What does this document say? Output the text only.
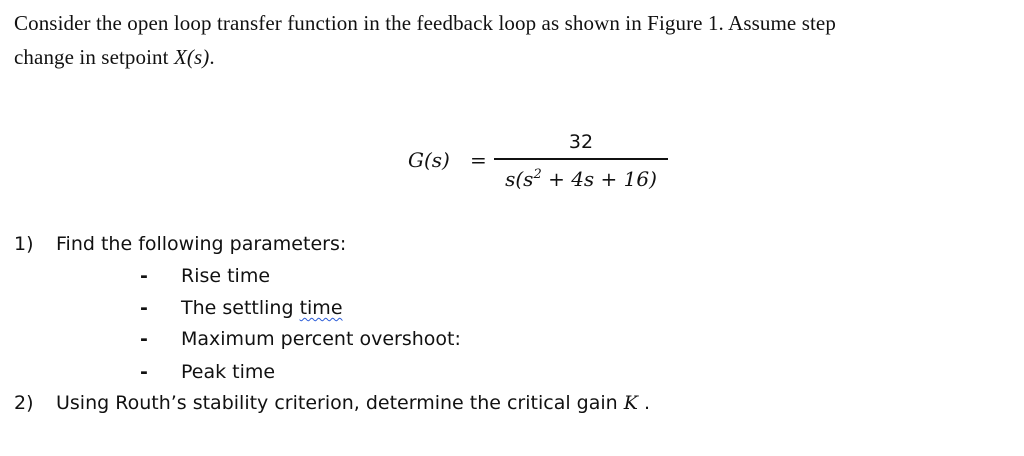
Consider the open loop transfer function in the feedback loop as shown in Figure 1. Assume step
change in setpoint X(s).
G(s) =
32
$s(s^2 + 4s + 16)$
1) Find the following parameters:
- Rise time
- The settling time
- Maximum percent overshoot:
- Peak time
2) Using Routh’s stability criterion, determine the critical gain K .
